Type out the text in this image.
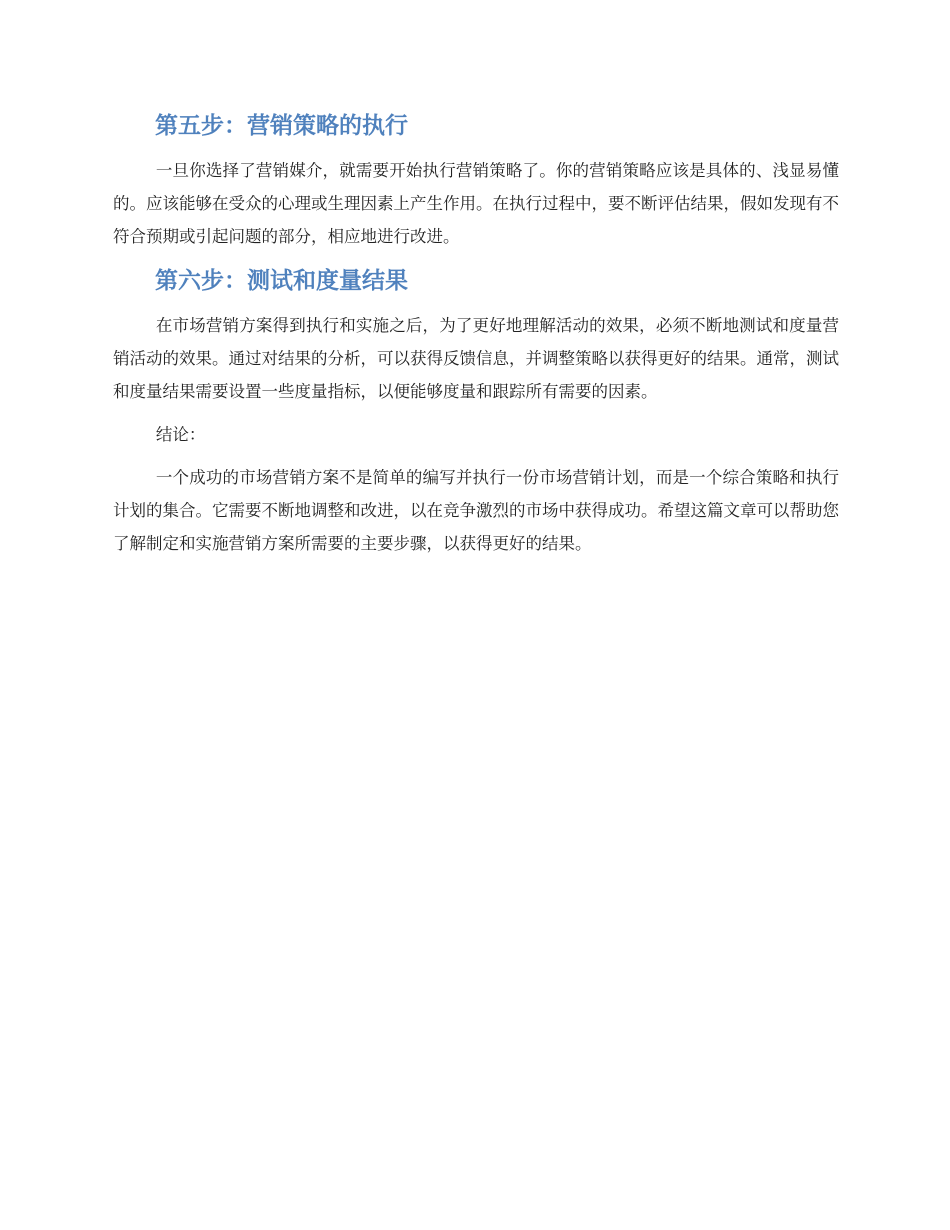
第五步：营销策略的执行

一旦你选择了营销媒介，就需要开始执行营销策略了。你的营销策略应该是具体的、浅显易懂的。应该能够在受众的心理或生理因素上产生作用。在执行过程中，要不断评估结果，假如发现有不符合预期或引起问题的部分，相应地进行改进。

第六步：测试和度量结果

在市场营销方案得到执行和实施之后，为了更好地理解活动的效果，必须不断地测试和度量营销活动的效果。通过对结果的分析，可以获得反馈信息，并调整策略以获得更好的结果。通常，测试和度量结果需要设置一些度量指标，以便能够度量和跟踪所有需要的因素。

结论：

一个成功的市场营销方案不是简单的编写并执行一份市场营销计划，而是一个综合策略和执行计划的集合。它需要不断地调整和改进，以在竞争激烈的市场中获得成功。希望这篇文章可以帮助您了解制定和实施营销方案所需要的主要步骤，以获得更好的结果。
